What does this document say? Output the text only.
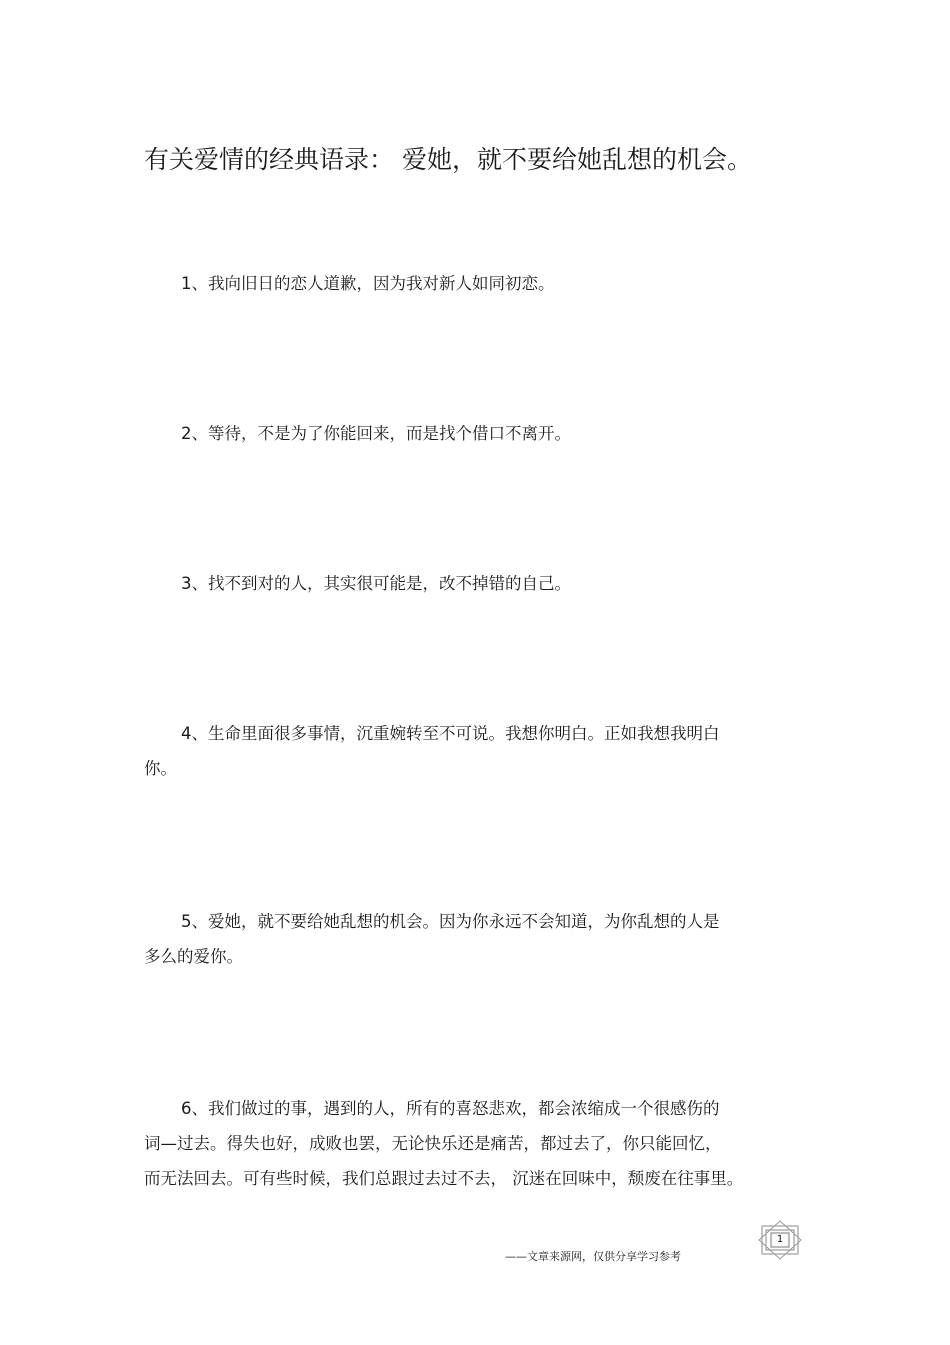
有关爱情的经典语录： 爱她，就不要给她乱想的机会。

1、我向旧日的恋人道歉，因为我对新人如同初恋。

2、等待，不是为了你能回来，而是找个借口不离开。

3、找不到对的人，其实很可能是，改不掉错的自己。

4、生命里面很多事情，沉重婉转至不可说。我想你明白。正如我想我明白
你。

5、爱她，就不要给她乱想的机会。因为你永远不会知道，为你乱想的人是
多么的爱你。

6、我们做过的事，遇到的人，所有的喜怒悲欢，都会浓缩成一个很感伤的
词—过去。得失也好，成败也罢，无论快乐还是痛苦，都过去了，你只能回忆，
而无法回去。可有些时候，我们总跟过去过不去， 沉迷在回味中，颓废在往事里。

——文章来源网，仅供分享学习参考
1
